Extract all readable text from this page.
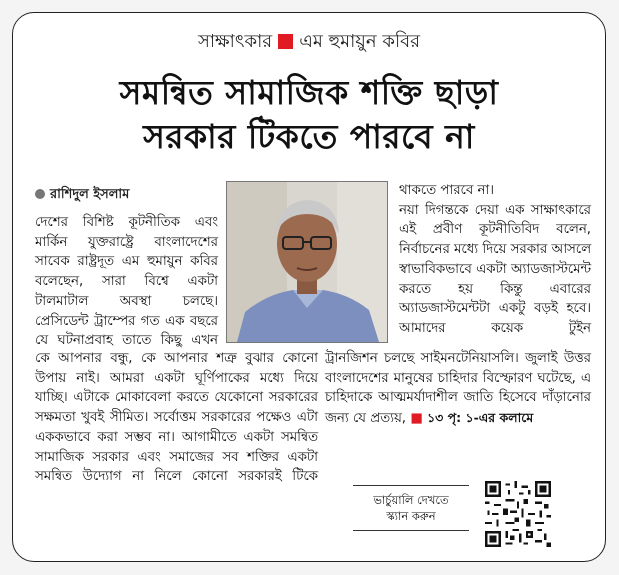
সাক্ষাৎকার এম হুমায়ুন কবির
সমন্বিত সামাজিক শক্তি ছাড়া
সরকার টিকতে পারবে না
রাশিদুল ইসলাম

দেশের বিশিষ্ট কূটনীতিক এবং মার্কিন যুক্তরাষ্ট্রে বাংলাদেশের সাবেক রাষ্ট্রদূত এম হুমায়ুন কবির বলেছেন, সারা বিশ্বে একটা টালমাটাল অবস্থা চলছে। প্রেসিডেন্ট ট্রাম্পের গত এক বছরে যে ঘটনাপ্রবাহ তাতে কিছু এখন

থাকতে পারবে না।

নয়া দিগন্তকে দেয়া এক সাক্ষাৎকারে এই প্রবীণ কূটনীতিবিদ বলেন, নির্বাচনের মধ্যে দিয়ে সরকার আসলে স্বাভাবিকভাবে একটা অ্যাডজাস্টমেন্ট করতে হয় কিন্তু এবারের অ্যাডজাস্টমেন্টটা একটু বড়ই হবে। আমাদের কয়েক টুইন

কে আপনার বন্ধু, কে আপনার শত্রু বুঝার কোনো উপায় নাই। আমরা একটা ঘূর্ণিপাকের মধ্যে দিয়ে যাচ্ছি। এটাকে মোকাবেলা করতে যেকোনো সরকারের সক্ষমতা খুবই সীমিত। সর্বোত্তম সরকারের পক্ষেও এটা এককভাবে করা সম্ভব না। আগামীতে একটা সমন্বিত সামাজিক সরকার এবং সমাজের সব শক্তির একটা সমন্বিত উদ্যোগ না নিলে কোনো সরকারই টিকে

ট্রানজিশন চলছে সাইমনটেনিয়াসলি। জুলাই উত্তর বাংলাদেশের মানুষের চাহিদার বিস্ফোরণ ঘটেছে, এ চাহিদাকে আত্মমর্যাদাশীল জাতি হিসেবে দাঁড়ানোর জন্য যে প্রত্যয়, ■ ১৩ পৃ: ১-এর কলামে

ভার্চুয়ালি দেখতে
স্ক্যান করুন
